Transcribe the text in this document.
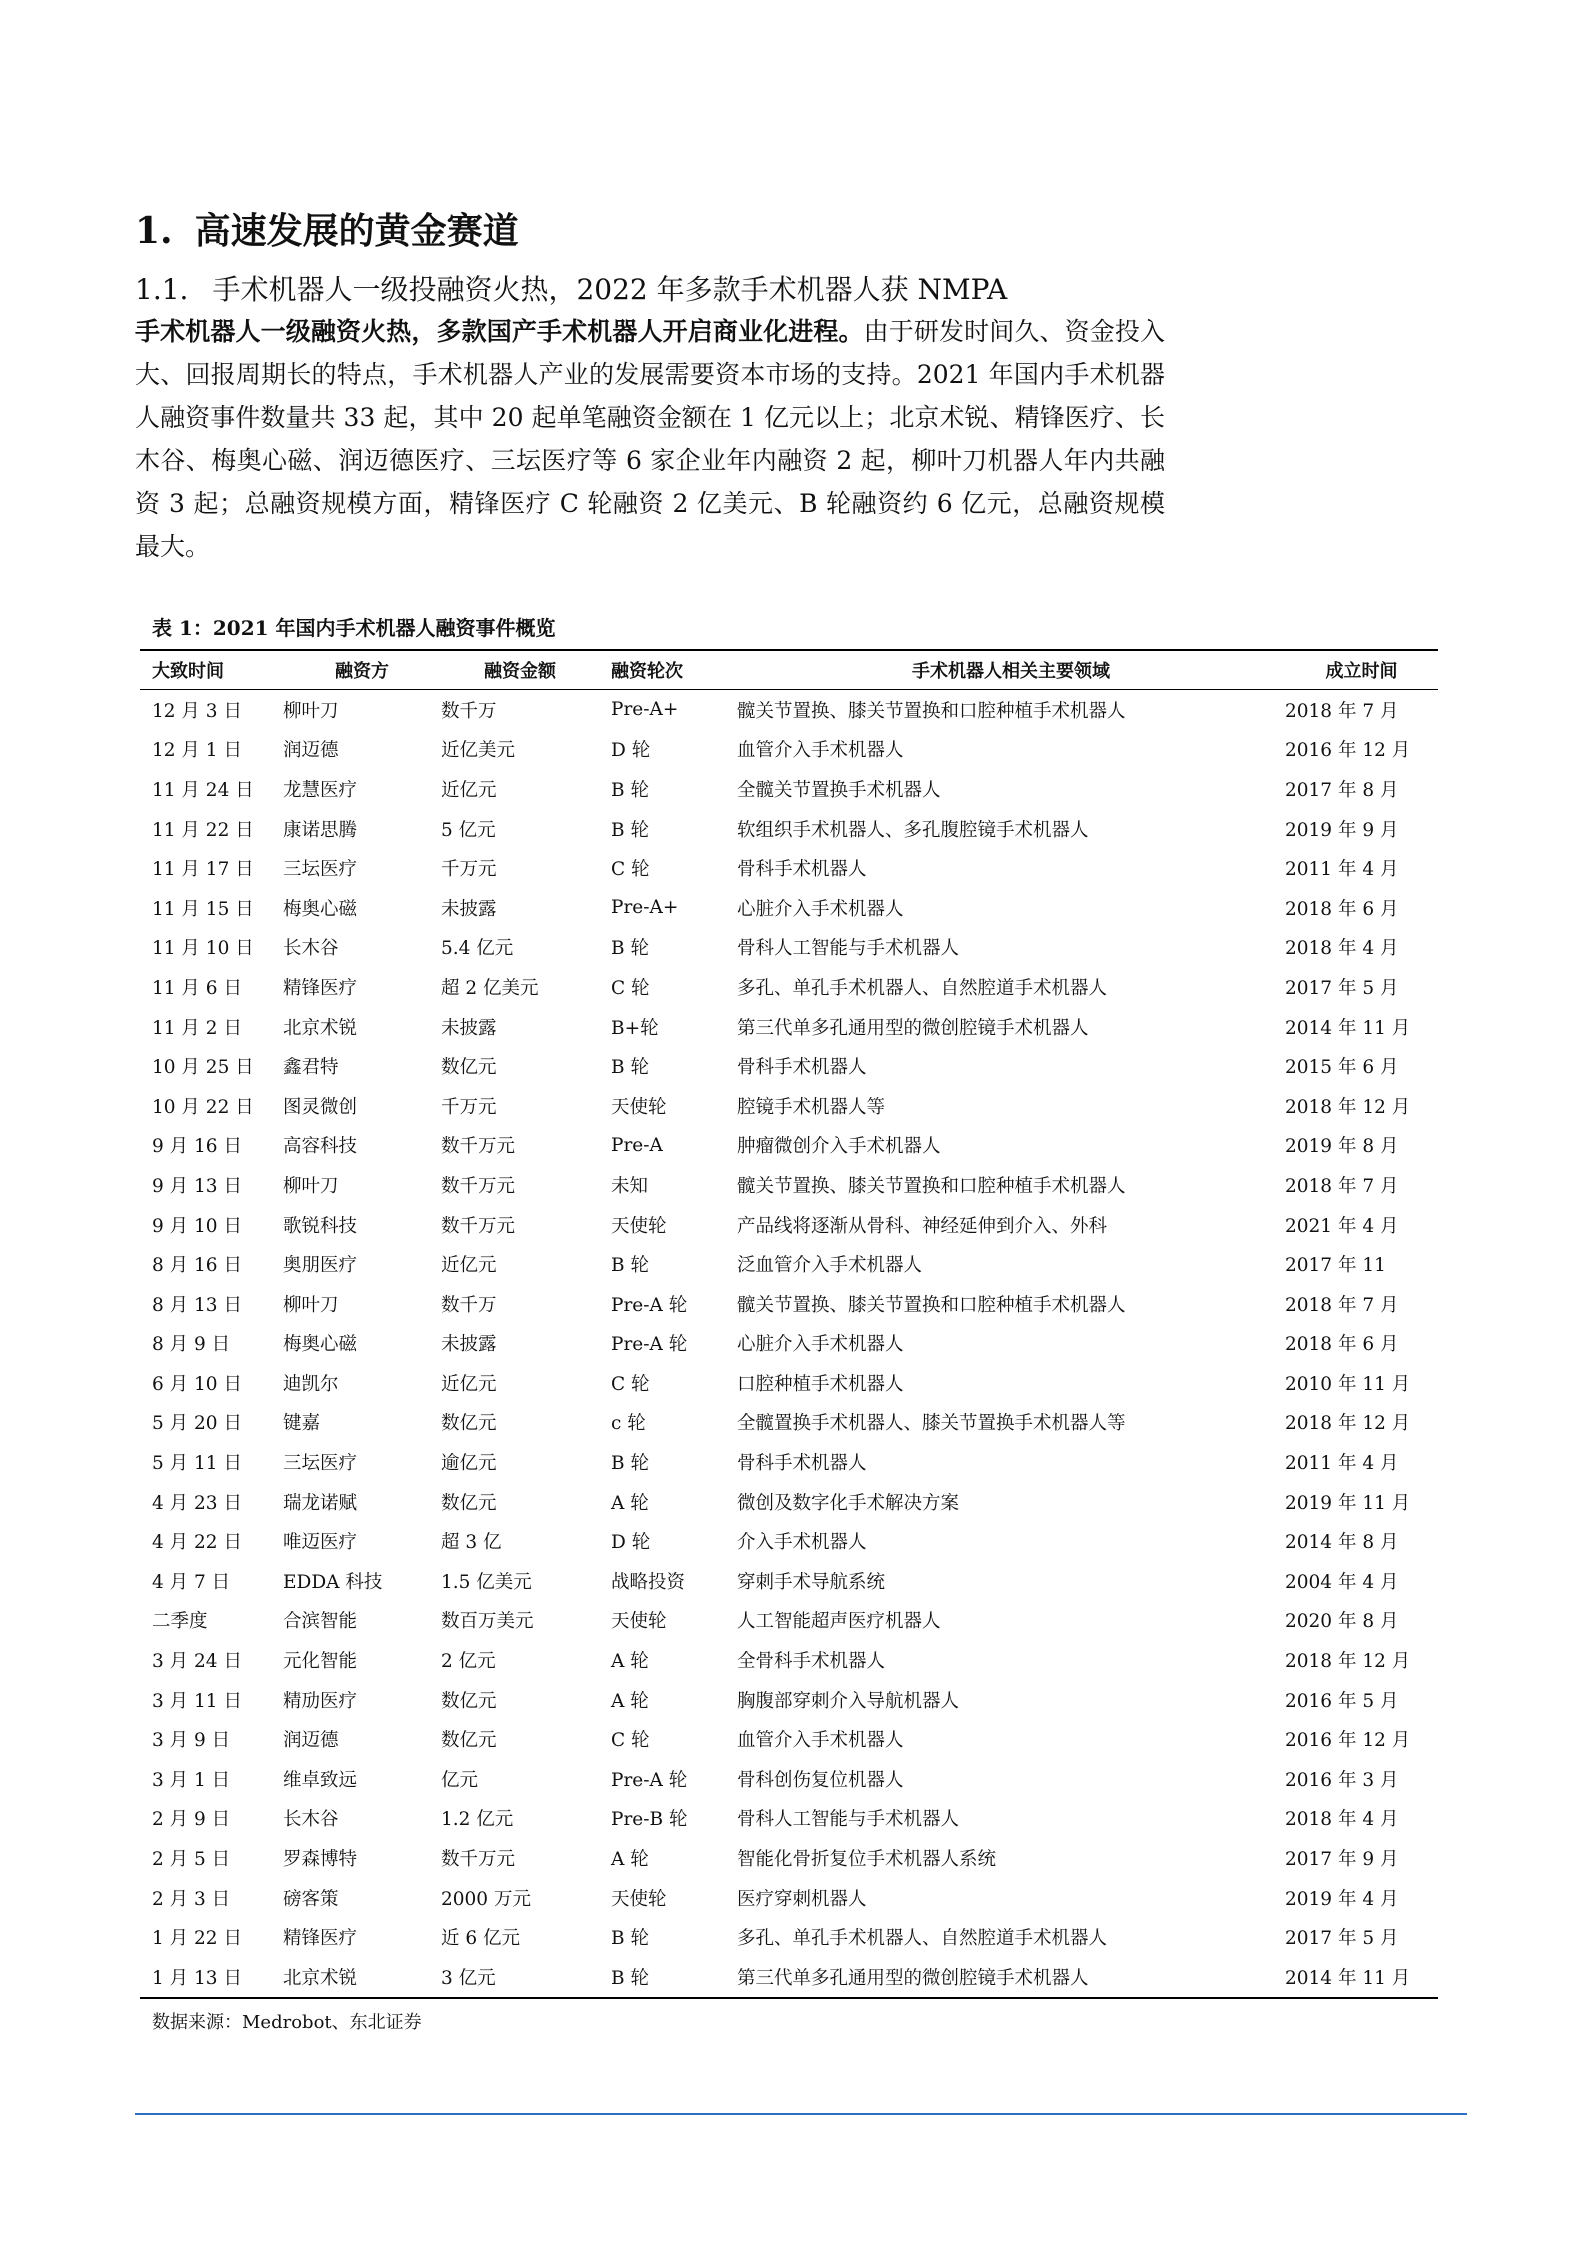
1. 高速发展的黄金赛道
1.1. 手术机器人一级投融资火热，2022 年多款手术机器人获 NMPA
手术机器人一级融资火热，多款国产手术机器人开启商业化进程。由于研发时间久、资金投入大、回报周期长的特点，手术机器人产业的发展需要资本市场的支持。2021 年国内手术机器人融资事件数量共 33 起，其中 20 起单笔融资金额在 1 亿元以上；北京术锐、精锋医疗、长木谷、梅奥心磁、润迈德医疗、三坛医疗等 6 家企业年内融资 2 起，柳叶刀机器人年内共融资 3 起；总融资规模方面，精锋医疗 C 轮融资 2 亿美元、B 轮融资约 6 亿元，总融资规模最大。
表 1：2021 年国内手术机器人融资事件概览
大致时间	融资方	融资金额	融资轮次	手术机器人相关主要领域	成立时间
12 月 3 日	柳叶刀	数千万	Pre-A+	髋关节置换、膝关节置换和口腔种植手术机器人	2018 年 7 月
12 月 1 日	润迈德	近亿美元	D 轮	血管介入手术机器人	2016 年 12 月
11 月 24 日	龙慧医疗	近亿元	B 轮	全髋关节置换手术机器人	2017 年 8 月
11 月 22 日	康诺思腾	5 亿元	B 轮	软组织手术机器人、多孔腹腔镜手术机器人	2019 年 9 月
11 月 17 日	三坛医疗	千万元	C 轮	骨科手术机器人	2011 年 4 月
11 月 15 日	梅奥心磁	未披露	Pre-A+	心脏介入手术机器人	2018 年 6 月
11 月 10 日	长木谷	5.4 亿元	B 轮	骨科人工智能与手术机器人	2018 年 4 月
11 月 6 日	精锋医疗	超 2 亿美元	C 轮	多孔、单孔手术机器人、自然腔道手术机器人	2017 年 5 月
11 月 2 日	北京术锐	未披露	B+轮	第三代单多孔通用型的微创腔镜手术机器人	2014 年 11 月
10 月 25 日	鑫君特	数亿元	B 轮	骨科手术机器人	2015 年 6 月
10 月 22 日	图灵微创	千万元	天使轮	腔镜手术机器人等	2018 年 12 月
9 月 16 日	高容科技	数千万元	Pre-A	肿瘤微创介入手术机器人	2019 年 8 月
9 月 13 日	柳叶刀	数千万元	未知	髋关节置换、膝关节置换和口腔种植手术机器人	2018 年 7 月
9 月 10 日	歌锐科技	数千万元	天使轮	产品线将逐渐从骨科、神经延伸到介入、外科	2021 年 4 月
8 月 16 日	奥朋医疗	近亿元	B 轮	泛血管介入手术机器人	2017 年 11
8 月 13 日	柳叶刀	数千万	Pre-A 轮	髋关节置换、膝关节置换和口腔种植手术机器人	2018 年 7 月
8 月 9 日	梅奥心磁	未披露	Pre-A 轮	心脏介入手术机器人	2018 年 6 月
6 月 10 日	迪凯尔	近亿元	C 轮	口腔种植手术机器人	2010 年 11 月
5 月 20 日	键嘉	数亿元	c 轮	全髋置换手术机器人、膝关节置换手术机器人等	2018 年 12 月
5 月 11 日	三坛医疗	逾亿元	B 轮	骨科手术机器人	2011 年 4 月
4 月 23 日	瑞龙诺赋	数亿元	A 轮	微创及数字化手术解决方案	2019 年 11 月
4 月 22 日	唯迈医疗	超 3 亿	D 轮	介入手术机器人	2014 年 8 月
4 月 7 日	EDDA 科技	1.5 亿美元	战略投资	穿刺手术导航系统	2004 年 4 月
二季度	合滨智能	数百万美元	天使轮	人工智能超声医疗机器人	2020 年 8 月
3 月 24 日	元化智能	2 亿元	A 轮	全骨科手术机器人	2018 年 12 月
3 月 11 日	精劢医疗	数亿元	A 轮	胸腹部穿刺介入导航机器人	2016 年 5 月
3 月 9 日	润迈德	数亿元	C 轮	血管介入手术机器人	2016 年 12 月
3 月 1 日	维卓致远	亿元	Pre-A 轮	骨科创伤复位机器人	2016 年 3 月
2 月 9 日	长木谷	1.2 亿元	Pre-B 轮	骨科人工智能与手术机器人	2018 年 4 月
2 月 5 日	罗森博特	数千万元	A 轮	智能化骨折复位手术机器人系统	2017 年 9 月
2 月 3 日	磅客策	2000 万元	天使轮	医疗穿刺机器人	2019 年 4 月
1 月 22 日	精锋医疗	近 6 亿元	B 轮	多孔、单孔手术机器人、自然腔道手术机器人	2017 年 5 月
1 月 13 日	北京术锐	3 亿元	B 轮	第三代单多孔通用型的微创腔镜手术机器人	2014 年 11 月
数据来源：Medrobot、东北证券
